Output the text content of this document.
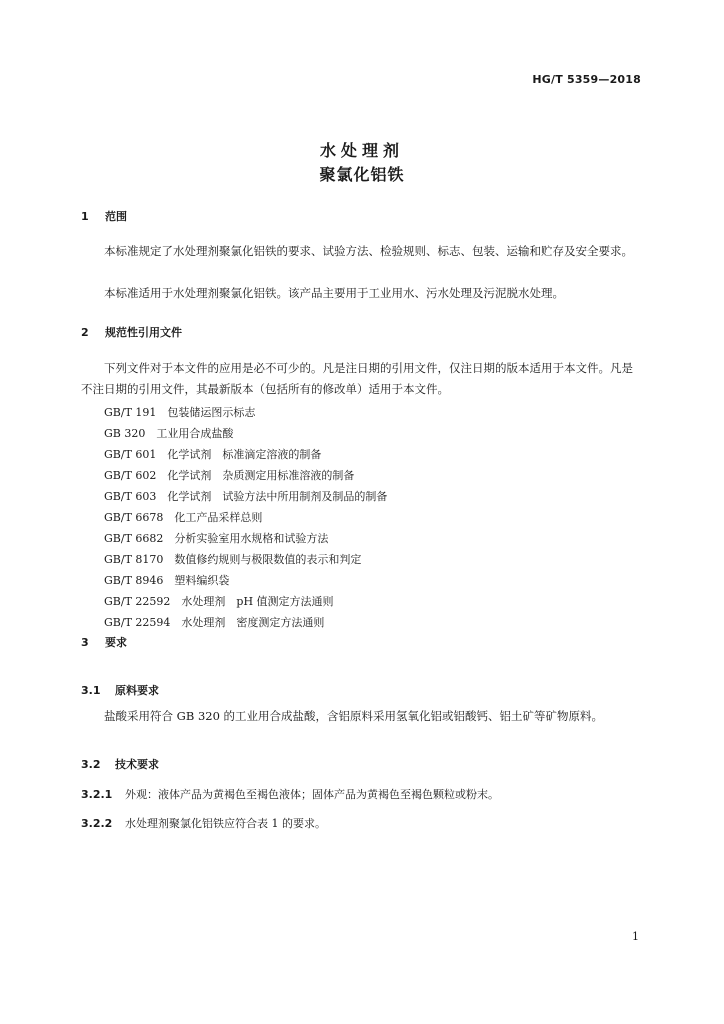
HG/T 5359—2018
水处理剂
聚氯化铝铁
1 范围
本标准规定了水处理剂聚氯化铝铁的要求、试验方法、检验规则、标志、包装、运输和贮存及安全要求。
本标准适用于水处理剂聚氯化铝铁。该产品主要用于工业用水、污水处理及污泥脱水处理。
2 规范性引用文件
下列文件对于本文件的应用是必不可少的。凡是注日期的引用文件，仅注日期的版本适用于本文件。凡是不注日期的引用文件，其最新版本（包括所有的修改单）适用于本文件。
GB/T 191　包装储运图示标志
GB 320　工业用合成盐酸
GB/T 601　化学试剂　标准滴定溶液的制备
GB/T 602　化学试剂　杂质测定用标准溶液的制备
GB/T 603　化学试剂　试验方法中所用制剂及制品的制备
GB/T 6678　化工产品采样总则
GB/T 6682　分析实验室用水规格和试验方法
GB/T 8170　数值修约规则与极限数值的表示和判定
GB/T 8946　塑料编织袋
GB/T 22592　水处理剂　pH 值测定方法通则
GB/T 22594　水处理剂　密度测定方法通则
3 要求
3.1 原料要求
盐酸采用符合 GB 320 的工业用合成盐酸，含铝原料采用氢氧化铝或铝酸钙、铝土矿等矿物原料。
3.2 技术要求
3.2.1 外观：液体产品为黄褐色至褐色液体；固体产品为黄褐色至褐色颗粒或粉末。
3.2.2 水处理剂聚氯化铝铁应符合表 1 的要求。
1
